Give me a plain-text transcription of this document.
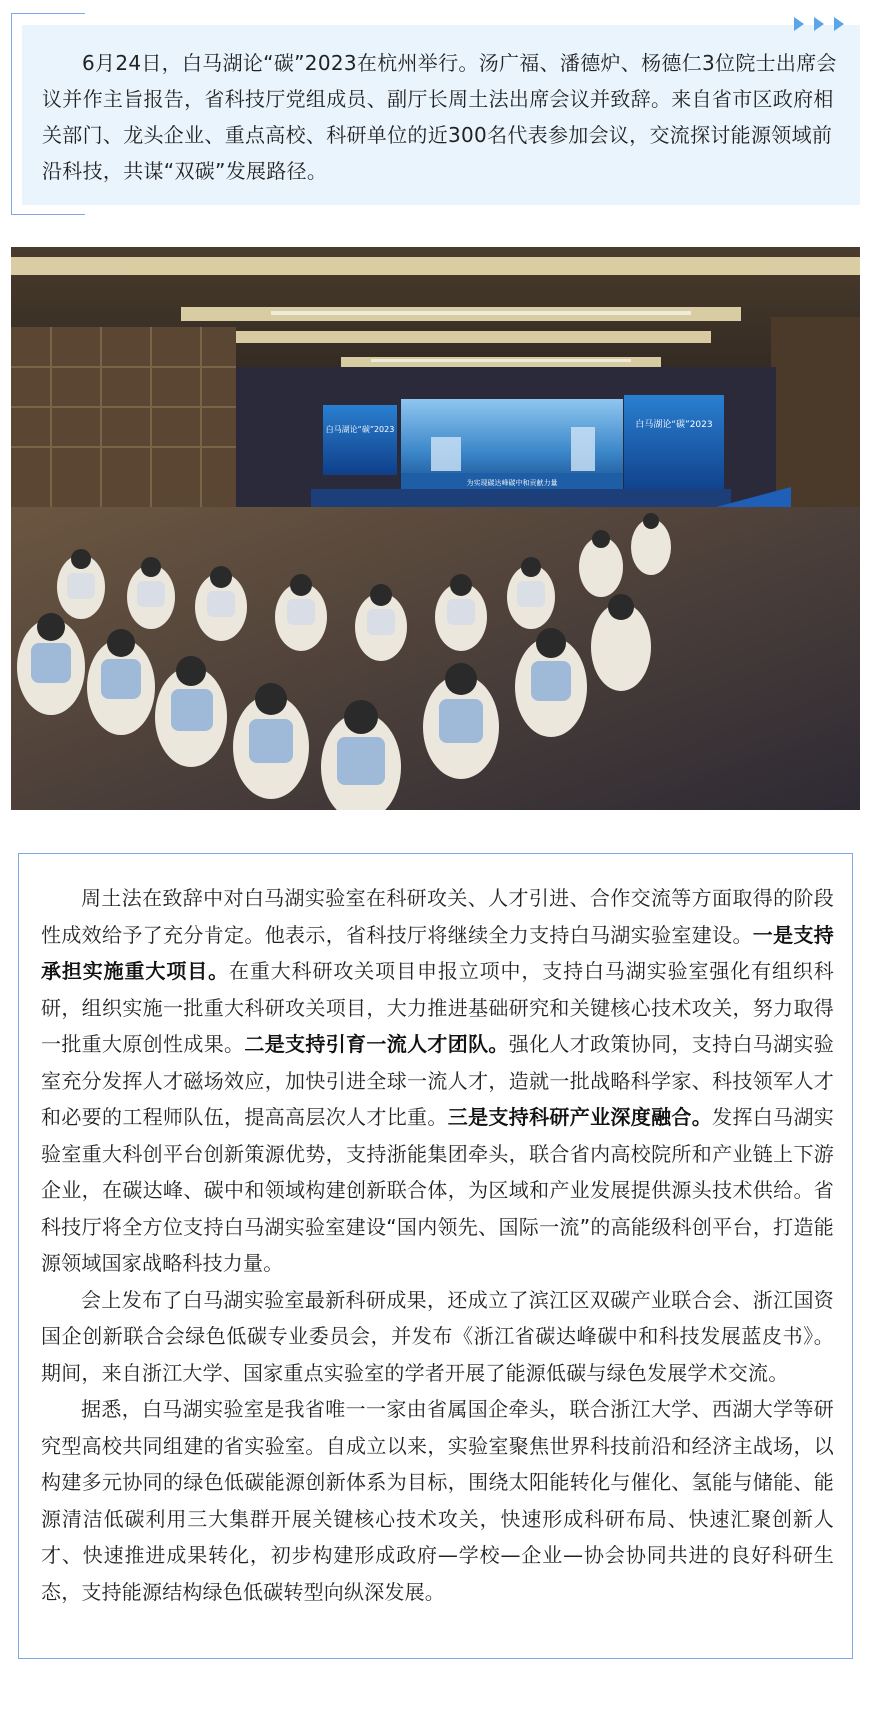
6月24日，白马湖论“碳”2023在杭州举行。汤广福、潘德炉、杨德仁3位院士出席会议并作主旨报告，省科技厅党组成员、副厅长周土法出席会议并致辞。来自省市区政府相关部门、龙头企业、重点高校、科研单位的近300名代表参加会议，交流探讨能源领域前沿科技，共谋“双碳”发展路径。

白马湖论“碳”2023
为实现碳达峰碳中和贡献力量
白马湖论“碳”2023

周土法在致辞中对白马湖实验室在科研攻关、人才引进、合作交流等方面取得的阶段性成效给予了充分肯定。他表示，省科技厅将继续全力支持白马湖实验室建设。一是支持承担实施重大项目。在重大科研攻关项目申报立项中，支持白马湖实验室强化有组织科研，组织实施一批重大科研攻关项目，大力推进基础研究和关键核心技术攻关，努力取得一批重大原创性成果。二是支持引育一流人才团队。强化人才政策协同，支持白马湖实验室充分发挥人才磁场效应，加快引进全球一流人才，造就一批战略科学家、科技领军人才和必要的工程师队伍，提高高层次人才比重。三是支持科研产业深度融合。发挥白马湖实验室重大科创平台创新策源优势，支持浙能集团牵头，联合省内高校院所和产业链上下游企业，在碳达峰、碳中和领域构建创新联合体，为区域和产业发展提供源头技术供给。省科技厅将全方位支持白马湖实验室建设“国内领先、国际一流”的高能级科创平台，打造能源领域国家战略科技力量。

会上发布了白马湖实验室最新科研成果，还成立了滨江区双碳产业联合会、浙江国资国企创新联合会绿色低碳专业委员会，并发布《浙江省碳达峰碳中和科技发展蓝皮书》。期间，来自浙江大学、国家重点实验室的学者开展了能源低碳与绿色发展学术交流。

据悉，白马湖实验室是我省唯一一家由省属国企牵头，联合浙江大学、西湖大学等研究型高校共同组建的省实验室。自成立以来，实验室聚焦世界科技前沿和经济主战场，以构建多元协同的绿色低碳能源创新体系为目标，围绕太阳能转化与催化、氢能与储能、能源清洁低碳利用三大集群开展关键核心技术攻关，快速形成科研布局、快速汇聚创新人才、快速推进成果转化，初步构建形成政府—学校—企业—协会协同共进的良好科研生态，支持能源结构绿色低碳转型向纵深发展。
